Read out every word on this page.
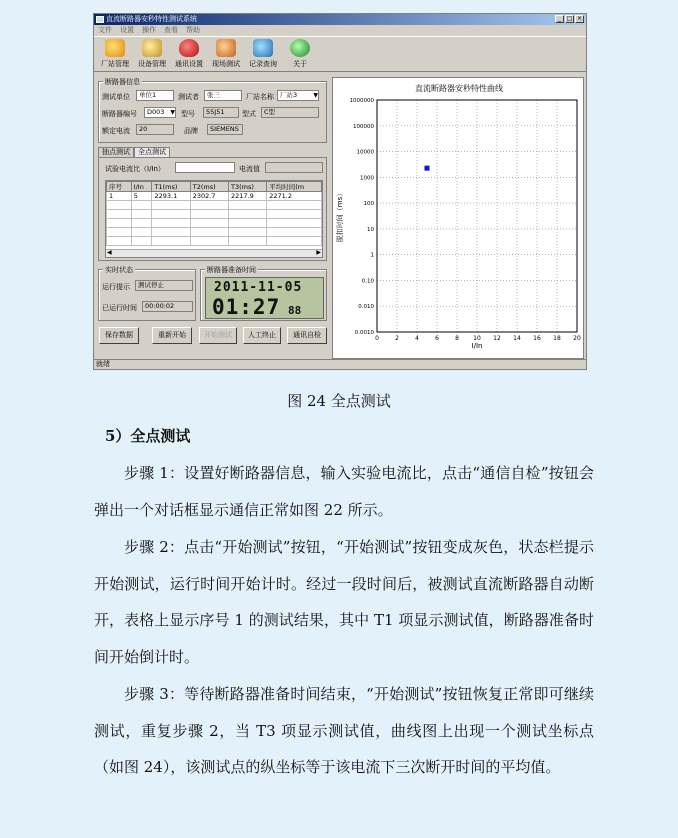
直流断路器安秒特性测试系统	_ □ ×
文件 设置 操作 查看 帮助
厂站管理 设备管理 通讯设置 现场测试 记录查询 关于
断路器信息
测试单位	单位1	测试者	张三	厂站名称 厂站3	▼
断路器编号	D003 ▼ 型号	55J51	型式	C型
额定电流	20	品牌	SIEMENS
抽点测试	全点测试
试验电流比（I/In）	电流值
序号	I/In	T1(ms)	T2(ms)	T3(ms)	平均时间(m
1	5	2293.1	2302.7	2217.9	2271.2

◀	▶
实时状态
运行提示	测试停止
已运行时间	00:00:02
断路器准备时间
2011-11-05
01:27 88
保存数据	重新开始	开始测试	人工终止	通讯自检
直流断路器安秒特性曲线
1000000
100000
10000
1000
100
10
1
0.10
0.010
0.0010
0	2	4	6	8 10 12 14 16 18 20
I/In
脱扣时间（ms）
就绪
图 24 全点测试
5）全点测试
步骤 1：设置好断路器信息，输入实验电流比，点击“通信自检”按钮会弹出一个对话框显示通信正常如图 22 所示。
步骤 2：点击“开始测试”按钮，“开始测试”按钮变成灰色，状态栏提示开始测试，运行时间开始计时。经过一段时间后，被测试直流断路器自动断开，表格上显示序号 1 的测试结果，其中 T1 项显示测试值，断路器准备时间开始倒计时。
步骤 3：等待断路器准备时间结束，“开始测试”按钮恢复正常即可继续测试，重复步骤 2，当 T3 项显示测试值，曲线图上出现一个测试坐标点（如图 24），该测试点的纵坐标等于该电流下三次断开时间的平均值。
